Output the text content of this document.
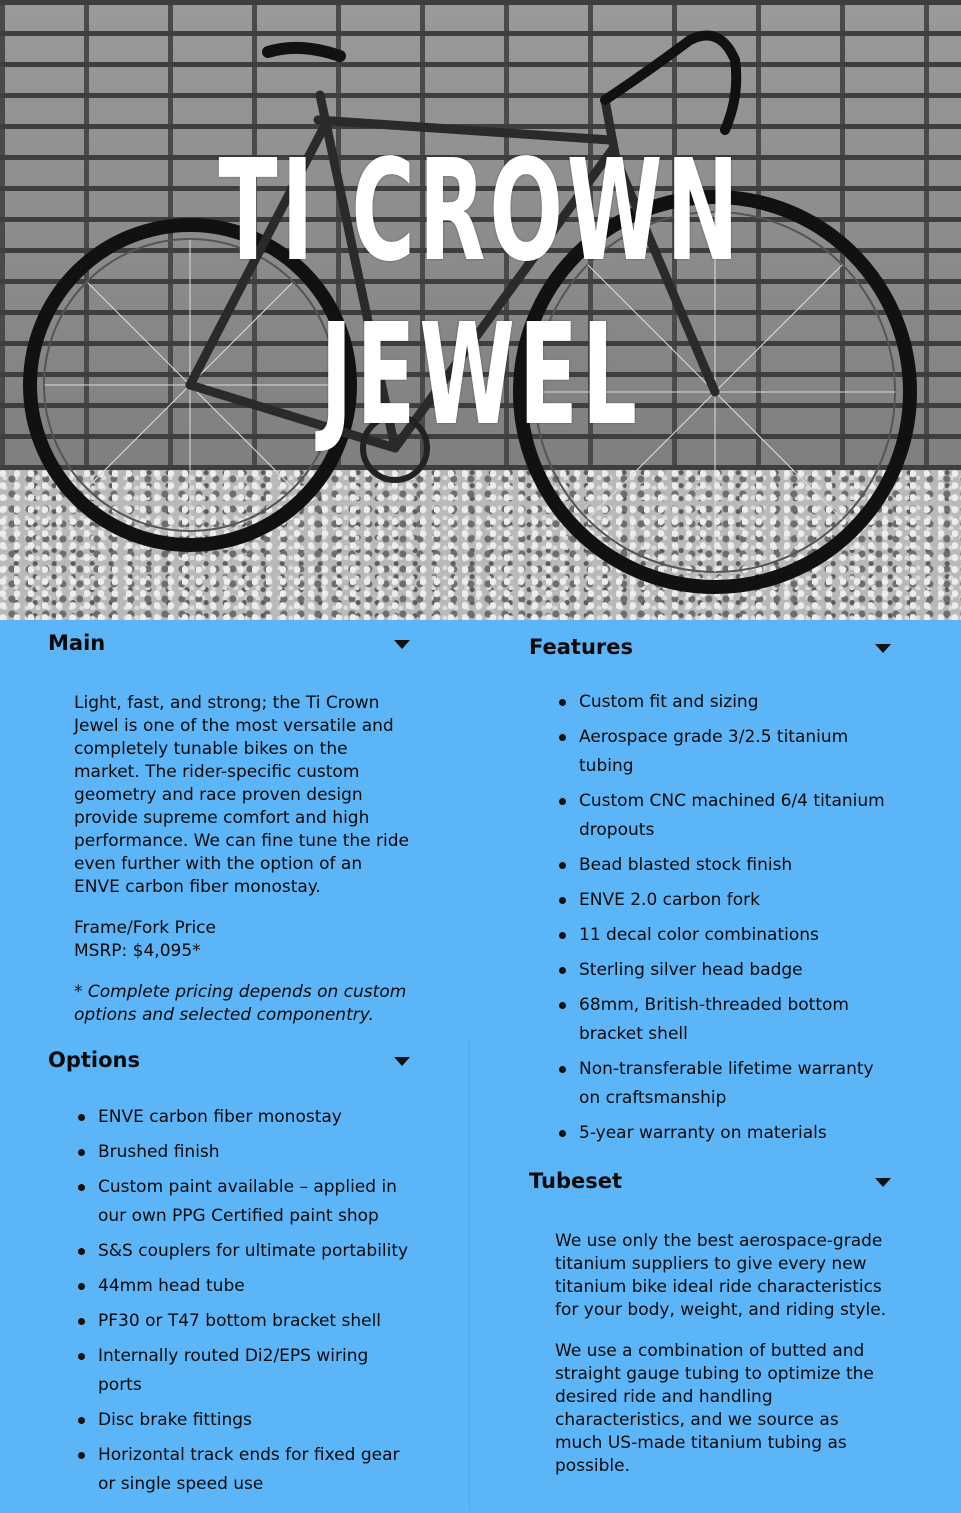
TI CROWN
JEWEL
Main

Light, fast, and strong; the Ti Crown Jewel is one of the most versatile and completely tunable bikes on the market. The rider-specific custom geometry and race proven design provide supreme comfort and high performance. We can fine tune the ride even further with the option of an ENVE carbon fiber monostay.

Frame/Fork Price
MSRP: $4,095*

* Complete pricing depends on custom options and selected componentry.

Options
ENVE carbon fiber monostay
Brushed finish
Custom paint available – applied in our own PPG Certified paint shop
S&S couplers for ultimate portability
44mm head tube
PF30 or T47 bottom bracket shell
Internally routed Di2/EPS wiring ports
Disc brake fittings
Horizontal track ends for fixed gear or single speed use
Features
Custom fit and sizing
Aerospace grade 3/2.5 titanium tubing
Custom CNC machined 6/4 titanium dropouts
Bead blasted stock finish
ENVE 2.0 carbon fork
11 decal color combinations
Sterling silver head badge
68mm, British-threaded bottom bracket shell
Non-transferable lifetime warranty on craftsmanship
5-year warranty on materials
Tubeset

We use only the best aerospace-grade titanium suppliers to give every new titanium bike ideal ride characteristics for your body, weight, and riding style.

We use a combination of butted and straight gauge tubing to optimize the desired ride and handling characteristics, and we source as much US-made titanium tubing as possible.
